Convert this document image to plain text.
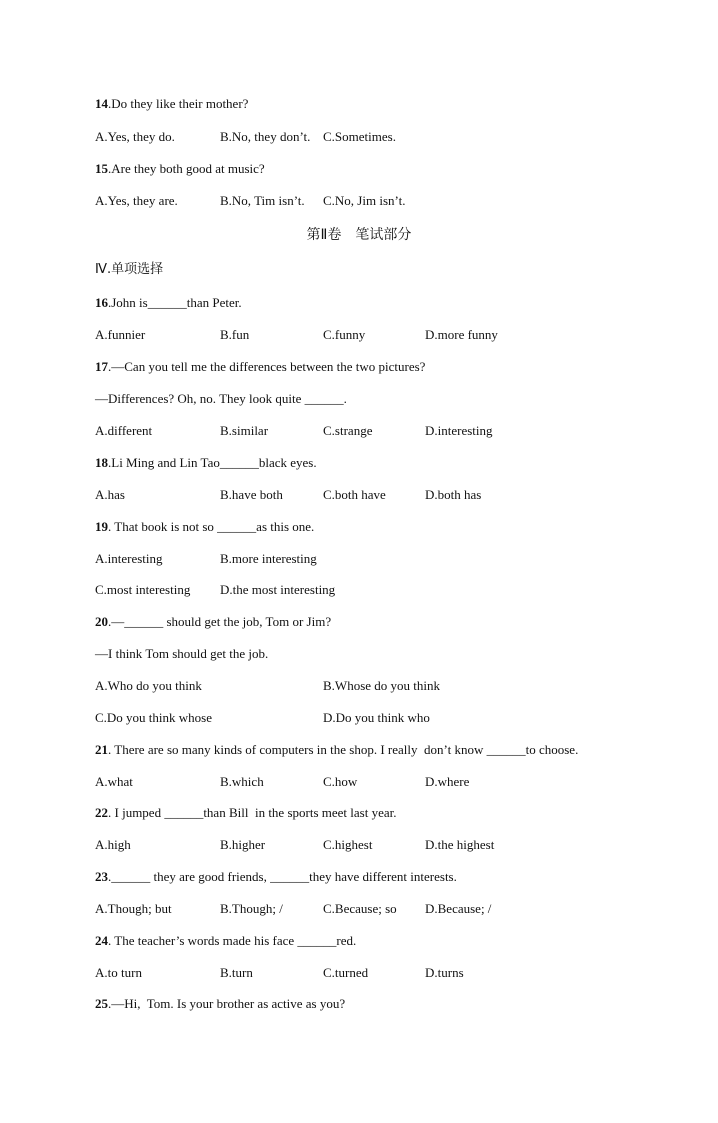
14.Do they like their mother?
A.Yes, they do.	B.No, they don’t. C.Sometimes.
15.Are they both good at music?
A.Yes, they are.	B.No, Tim isn’t. C.No, Jim isn’t.
第Ⅱ卷　笔试部分
Ⅳ.单项选择
16.John is______than Peter.
A.funnier	B.fun	C.funny	D.more funny
17.—Can you tell me the differences between the two pictures?
—Differences? Oh, no. They look quite ______.
A.different	B.similar	C.strange	D.interesting
18.Li Ming and Lin Tao______black eyes.
A.has	B.have both	C.both have	D.both has
19. That book is not so ______as this one.
A.interesting	B.more interesting
C.most interesting D.the most interesting
20.—______ should get the job, Tom or Jim?
—I think Tom should get the job.
A.Who do you think	B.Whose do you think
C.Do you think whose	D.Do you think who
21. There are so many kinds of computers in the shop. I really  don’t know ______to choose.
A.what	B.which	C.how	D.where
22. I jumped ______than Bill  in the sports meet last year.
A.high	B.higher	C.highest	D.the highest
23.______ they are good friends, ______they have different interests.
A.Though; but	B.Though; /	C.Because; so D.Because; /
24. The teacher’s words made his face ______red.
A.to turn	B.turn	C.turned	D.turns
25.—Hi,  Tom. Is your brother as active as you?
